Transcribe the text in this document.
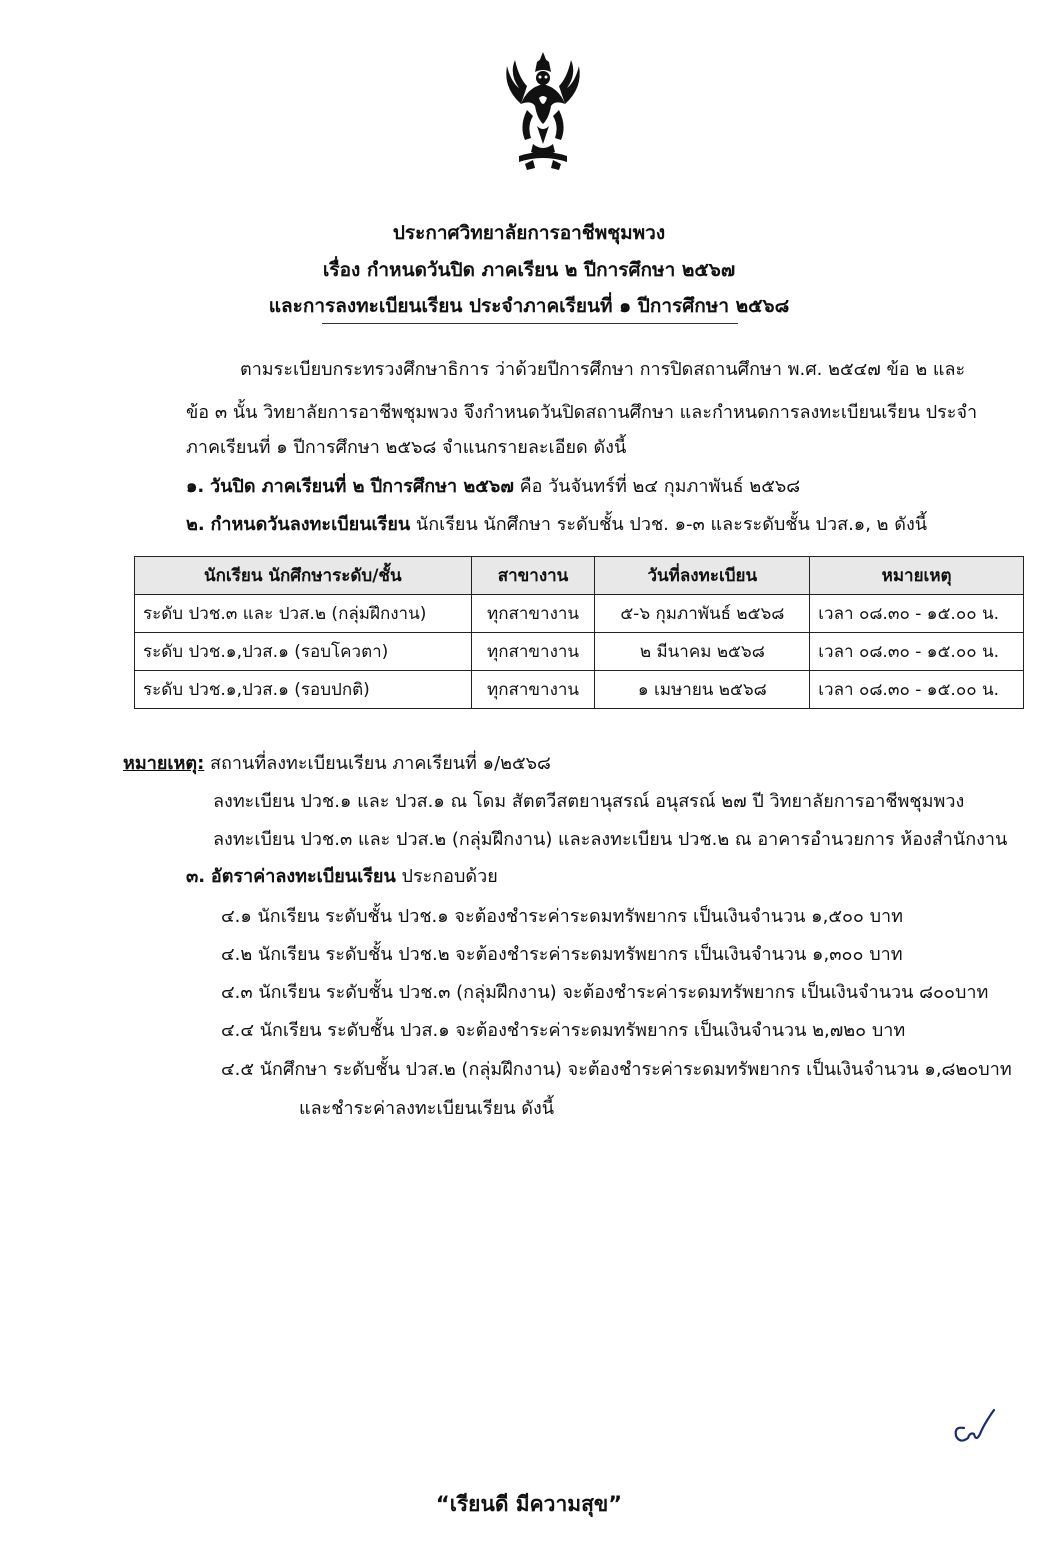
ประกาศวิทยาลัยการอาชีพชุมพวง
เรื่อง กำหนดวันปิด ภาคเรียน ๒ ปีการศึกษา ๒๕๖๗
และการลงทะเบียนเรียน ประจำภาคเรียนที่ ๑ ปีการศึกษา ๒๕๖๘
ตามระเบียบกระทรวงศึกษาธิการ ว่าด้วยปีการศึกษา การปิดสถานศึกษา พ.ศ. ๒๕๔๗ ข้อ ๒ และ
ข้อ ๓ นั้น วิทยาลัยการอาชีพชุมพวง จึงกำหนดวันปิดสถานศึกษา และกำหนดการลงทะเบียนเรียน ประจำ
ภาคเรียนที่ ๑ ปีการศึกษา ๒๕๖๘ จำแนกรายละเอียด ดังนี้
๑. วันปิด ภาคเรียนที่ ๒ ปีการศึกษา ๒๕๖๗ คือ วันจันทร์ที่ ๒๔ กุมภาพันธ์ ๒๕๖๘
๒. กำหนดวันลงทะเบียนเรียน นักเรียน นักศึกษา ระดับชั้น ปวช. ๑-๓ และระดับชั้น ปวส.๑, ๒ ดังนี้
นักเรียน นักศึกษาระดับ/ชั้น	สาขางาน	วันที่ลงทะเบียน	หมายเหตุ
ระดับ ปวช.๓ และ ปวส.๒ (กลุ่มฝึกงาน)	ทุกสาขางาน	๕-๖ กุมภาพันธ์ ๒๕๖๘	เวลา ๐๘.๓๐ - ๑๕.๐๐ น.
ระดับ ปวช.๑,ปวส.๑ (รอบโควตา)	ทุกสาขางาน	๒ มีนาคม ๒๕๖๘	เวลา ๐๘.๓๐ - ๑๕.๐๐ น.
ระดับ ปวช.๑,ปวส.๑ (รอบปกติ)	ทุกสาขางาน	๑ เมษายน ๒๕๖๘	เวลา ๐๘.๓๐ - ๑๕.๐๐ น.
หมายเหตุ: สถานที่ลงทะเบียนเรียน ภาคเรียนที่ ๑/๒๕๖๘
ลงทะเบียน ปวช.๑ และ ปวส.๑ ณ โดม สัตตวีสตยานุสรณ์ อนุสรณ์ ๒๗ ปี วิทยาลัยการอาชีพชุมพวง
ลงทะเบียน ปวช.๓ และ ปวส.๒ (กลุ่มฝึกงาน) และลงทะเบียน ปวช.๒ ณ อาคารอำนวยการ ห้องสำนักงาน
๓. อัตราค่าลงทะเบียนเรียน ประกอบด้วย
๔.๑ นักเรียน ระดับชั้น ปวช.๑ จะต้องชำระค่าระดมทรัพยากร เป็นเงินจำนวน ๑,๕๐๐ บาท
๔.๒ นักเรียน ระดับชั้น ปวช.๒ จะต้องชำระค่าระดมทรัพยากร เป็นเงินจำนวน ๑,๓๐๐ บาท
๔.๓ นักเรียน ระดับชั้น ปวช.๓ (กลุ่มฝึกงาน) จะต้องชำระค่าระดมทรัพยากร เป็นเงินจำนวน ๘๐๐บาท
๔.๔ นักเรียน ระดับชั้น ปวส.๑ จะต้องชำระค่าระดมทรัพยากร เป็นเงินจำนวน ๒,๗๒๐ บาท
๔.๕ นักศึกษา ระดับชั้น ปวส.๒ (กลุ่มฝึกงาน) จะต้องชำระค่าระดมทรัพยากร เป็นเงินจำนวน ๑,๘๒๐บาท
และชำระค่าลงทะเบียนเรียน ดังนี้
“เรียนดี มีความสุข”
